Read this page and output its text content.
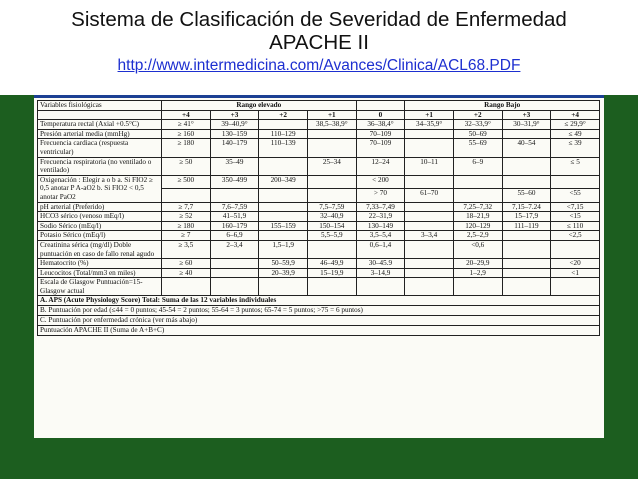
Sistema de Clasificación de Severidad de Enfermedad
APACHE II
http://www.intermedicina.com/Avances/Clinica/ACL68.PDF
Variables fisiológicas	Rango elevado					Rango Bajo			
	+4	+3	+2	+1	0	+1	+2	+3	+4
Temperatura rectal (Axial +0.5°C)	≥ 41°	39–40,9°		38,5–38,9°	36–38,4°	34–35,9°	32–33,9°	30–31,9°	≤ 29,9°
Presión arterial media (mmHg)	≥ 160	130–159	110–129		70–109		50–69		≤ 49
Frecuencia cardiaca (respuesta ventricular)	≥ 180	140–179	110–139		70–109		55–69	40–54	≤ 39
Frecuencia respiratoria (no ventilado o ventilado)	≥ 50	35–49		25–34	12–24	10–11	6–9		≤ 5
Oxigenación : Elegir a o b a. Si FIO2 ≥ 0,5 anotar P A-aO2 b. Si FIO2 < 0,5 anotar PaO2	≥ 500	350–499	200–349		< 200				
					> 70	61–70		55–60	<55
pH arterial (Preferido)	≥ 7,7	7,6–7,59		7,5–7,59	7,33–7,49		7,25–7,32	7,15–7.24	<7,15
HCO3 sérico (venoso mEq/l)	≥ 52	41–51,9		32–40,9	22–31,9		18–21,9	15–17,9	<15
Sodio Sérico (mEq/l)	≥ 180	160–179	155–159	150–154	130–149		120–129	111–119	≤ 110
Potasio Sérico (mEq/l)	≥ 7	6–6,9		5,5–5,9	3,5–5,4	3–3,4	2,5–2,9		<2,5
Creatinina sérica (mg/dl) Doble puntuación en caso de fallo renal agudo	≥ 3,5	2–3,4	1,5–1,9		0,6–1,4		<0,6		
Hematocrito (%)	≥ 60		50–59,9	46–49,9	30–45.9		20–29,9		<20
Leucocitos (Total/mm3 en miles)	≥ 40		20–39,9	15–19,9	3–14,9		1–2,9		<1
Escala de Glasgow Puntuación=15-Glasgow actual									
A. APS (Acute Physiology Score) Total: Suma de las 12 variables individuales									
B. Puntuación por edad (≤44 = 0 puntos; 45-54 = 2 puntos; 55-64 = 3 puntos; 65-74 = 5 puntos; >75 = 6 puntos)									
C. Puntuación por enfermedad crónica (ver más abajo)									
Puntuación APACHE II (Suma de A+B+C)									
